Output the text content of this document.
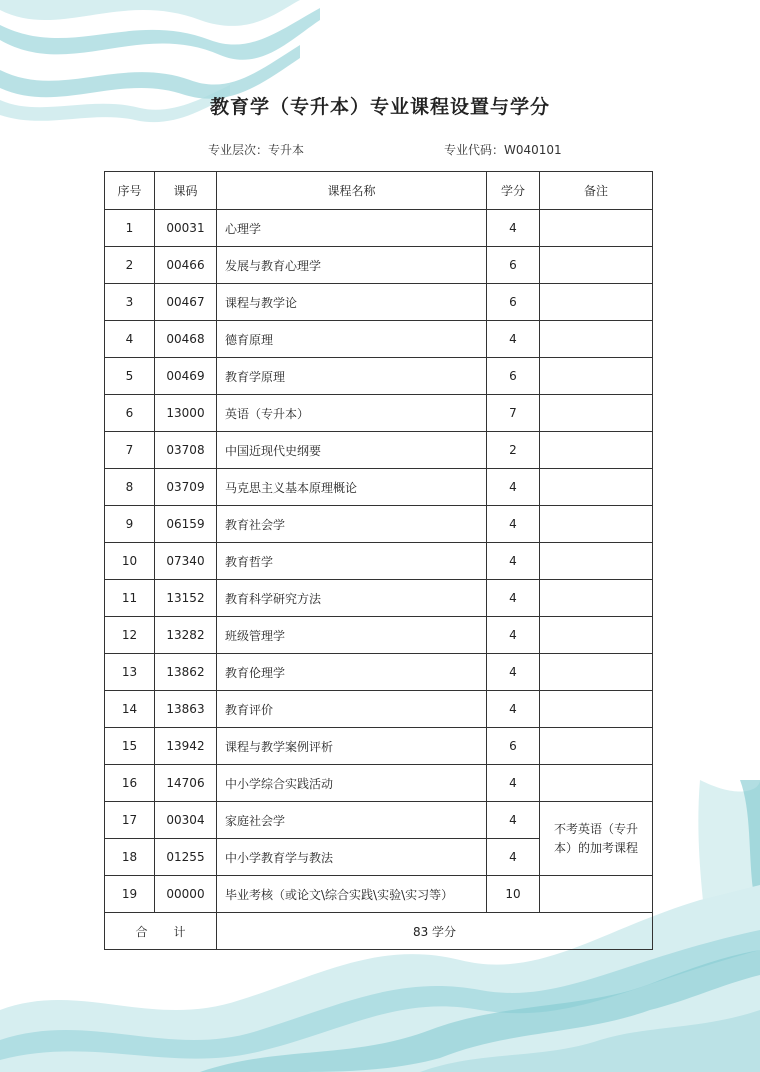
教育学（专升本）专业课程设置与学分
专业层次：专升本	专业代码：W040101
序号	课码	课程名称	学分	备注
1	00031	心理学	4	
2	00466	发展与教育心理学	6	
3	00467	课程与教学论	6	
4	00468	德育原理	4	
5	00469	教育学原理	6	
6	13000	英语（专升本）	7	
7	03708	中国近现代史纲要	2	
8	03709	马克思主义基本原理概论	4	
9	06159	教育社会学	4	
10	07340	教育哲学	4	
11	13152	教育科学研究方法	4	
12	13282	班级管理学	4	
13	13862	教育伦理学	4	
14	13863	教育评价	4	
15	13942	课程与教学案例评析	6	
16	14706	中小学综合实践活动	4	
17	00304	家庭社会学	4	不考英语（专升本）的加考课程
18	01255	中小学教育学与教法	4	
19	00000	毕业考核（或论文\综合实践\实验\实习等）	10	
合计		83 学分		
